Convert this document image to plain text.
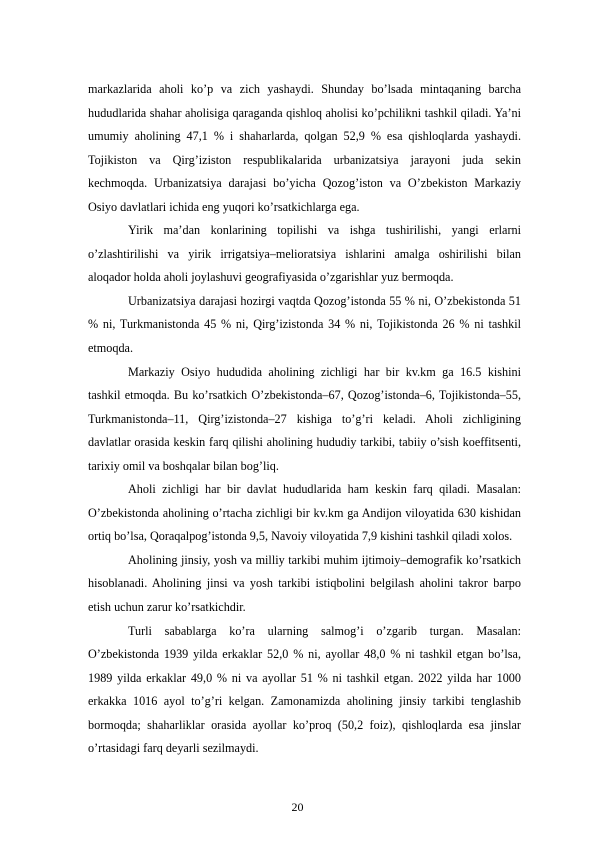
markazlarida aholi ko’p va zich yashaydi. Shunday bo’lsada mintaqaning barcha hududlarida shahar aholisiga qaraganda qishloq aholisi ko’pchilikni tashkil qiladi. Ya’ni umumiy aholining 47,1 % i shaharlarda, qolgan 52,9 % esa qishloqlarda yashaydi. Tojikiston va Qirg’iziston respublikalarida urbanizatsiya jarayoni juda sekin kechmoqda. Urbanizatsiya darajasi bo’yicha Qozog’iston va O’zbekiston Markaziy Osiyo davlatlari ichida eng yuqori ko’rsatkichlarga ega.

Yirik ma’dan konlarining topilishi va ishga tushirilishi, yangi erlarni o’zlashtirilishi va yirik irrigatsiya–melioratsiya ishlarini amalga oshirilishi bilan aloqador holda aholi joylashuvi geografiyasida o’zgarishlar yuz bermoqda.

Urbanizatsiya darajasi hozirgi vaqtda Qozog’istonda 55 % ni, O’zbekistonda 51 % ni, Turkmanistonda 45 % ni, Qirg’izistonda 34 % ni, Tojikistonda 26 % ni tashkil etmoqda.

Markaziy Osiyo hududida aholining zichligi har bir kv.km ga 16.5 kishini tashkil etmoqda. Bu ko’rsatkich O’zbekistonda–67, Qozog’istonda–6, Tojikistonda–55, Turkmanistonda–11, Qirg’izistonda–27 kishiga to’g’ri keladi. Aholi zichligining davlatlar orasida keskin farq qilishi aholining hududiy tarkibi, tabiiy o’sish koeffitsenti, tarixiy omil va boshqalar bilan bog’liq.

Aholi zichligi har bir davlat hududlarida ham keskin farq qiladi. Masalan: O’zbekistonda aholining o’rtacha zichligi bir kv.km ga Andijon viloyatida 630 kishidan ortiq bo’lsa, Qoraqalpog’istonda 9,5, Navoiy viloyatida 7,9 kishini tashkil qiladi xolos.

Aholining jinsiy, yosh va milliy tarkibi muhim ijtimoiy–demografik ko’rsatkich hisoblanadi. Aholining jinsi va yosh tarkibi istiqbolini belgilash aholini takror barpo etish uchun zarur ko’rsatkichdir.

Turli sabablarga ko’ra ularning salmog’i o’zgarib turgan. Masalan: O’zbekistonda 1939 yilda erkaklar 52,0 % ni, ayollar 48,0 % ni tashkil etgan bo’lsa, 1989 yilda erkaklar 49,0 % ni va ayollar 51 % ni tashkil etgan. 2022 yilda har 1000 erkakka 1016 ayol to’g’ri kelgan. Zamonamizda aholining jinsiy tarkibi tenglashib bormoqda; shaharliklar orasida ayollar ko’proq (50,2 foiz), qishloqlarda esa jinslar o’rtasidagi farq deyarli sezilmaydi.

20
